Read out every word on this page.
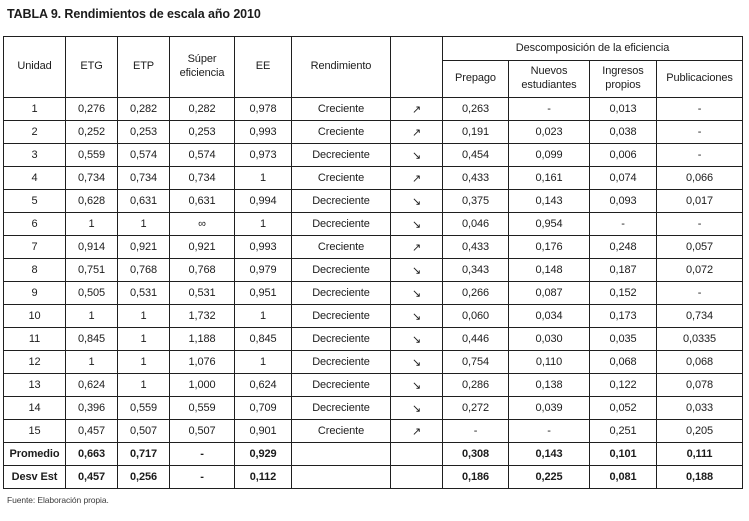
TABLA 9. Rendimientos de escala año 2010
Unidad	ETG	ETP	Súper eficiencia	EE	Rendimiento		Descomposición de la eficiencia			
							Prepago	Nuevos estudiantes	Ingresos propios	Publicaciones
1	0,276	0,282	0,282	0,978	Creciente	↗	0,263	-	0,013	-
2	0,252	0,253	0,253	0,993	Creciente	↗	0,191	0,023	0,038	-
3	0,559	0,574	0,574	0,973	Decreciente	↘	0,454	0,099	0,006	-
4	0,734	0,734	0,734	1	Creciente	↗	0,433	0,161	0,074	0,066
5	0,628	0,631	0,631	0,994	Decreciente	↘	0,375	0,143	0,093	0,017
6	1	1	∞	1	Decreciente	↘	0,046	0,954	-	-
7	0,914	0,921	0,921	0,993	Creciente	↗	0,433	0,176	0,248	0,057
8	0,751	0,768	0,768	0,979	Decreciente	↘	0,343	0,148	0,187	0,072
9	0,505	0,531	0,531	0,951	Decreciente	↘	0,266	0,087	0,152	-
10	1	1	1,732	1	Decreciente	↘	0,060	0,034	0,173	0,734
11	0,845	1	1,188	0,845	Decreciente	↘	0,446	0,030	0,035	0,0335
12	1	1	1,076	1	Decreciente	↘	0,754	0,110	0,068	0,068
13	0,624	1	1,000	0,624	Decreciente	↘	0,286	0,138	0,122	0,078
14	0,396	0,559	0,559	0,709	Decreciente	↘	0,272	0,039	0,052	0,033
15	0,457	0,507	0,507	0,901	Creciente	↗	-	-	0,251	0,205
Promedio	0,663	0,717	-	0,929			0,308	0,143	0,101	0,111
Desv Est	0,457	0,256	-	0,112			0,186	0,225	0,081	0,188
Fuente: Elaboración propia.
